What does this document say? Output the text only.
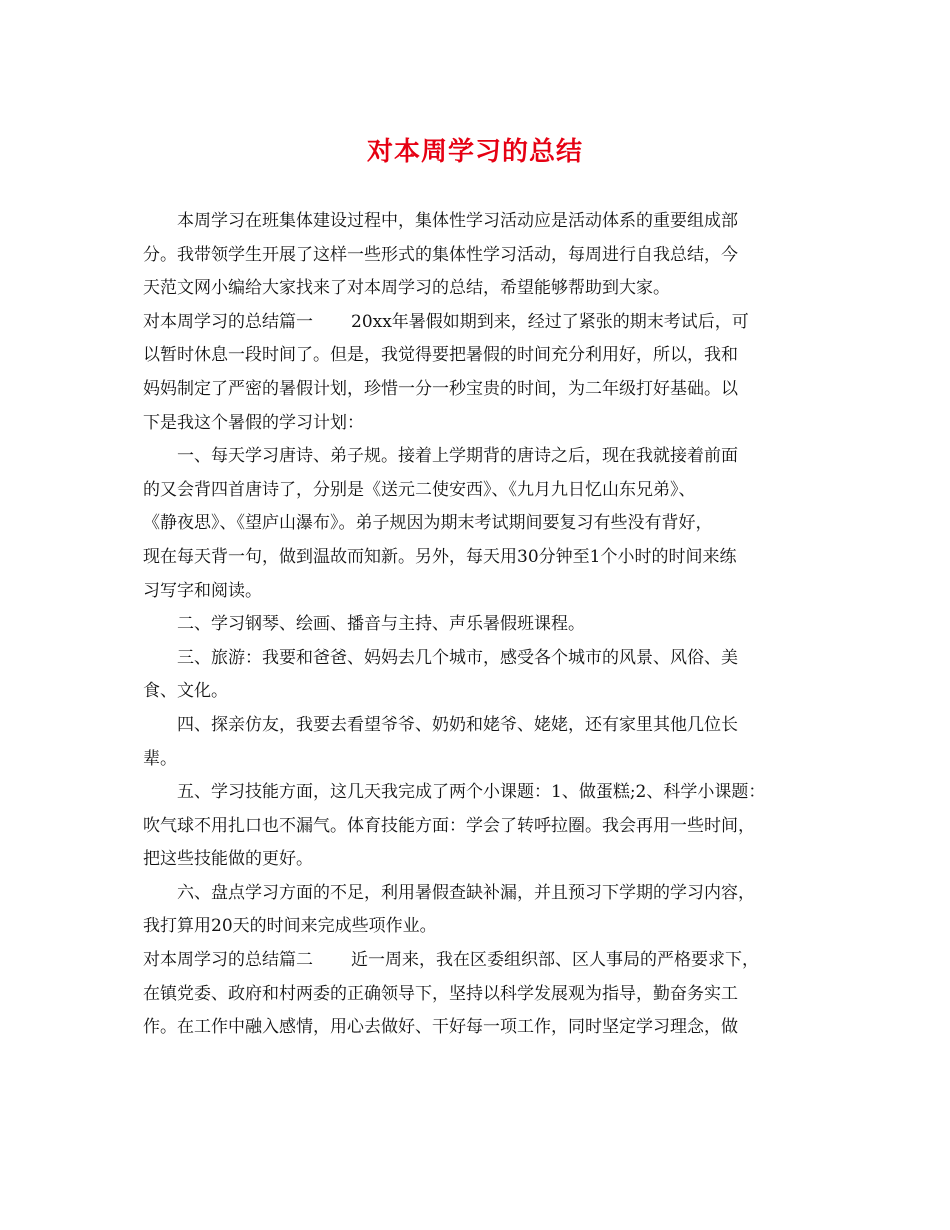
对本周学习的总结

本周学习在班集体建设过程中，集体性学习活动应是活动体系的重要组成部

分。我带领学生开展了这样一些形式的集体性学习活动，每周进行自我总结，今

天范文网小编给大家找来了对本周学习的总结，希望能够帮助到大家。

对本周学习的总结篇一 20xx年暑假如期到来，经过了紧张的期末考试后，可

以暂时休息一段时间了。但是，我觉得要把暑假的时间充分利用好，所以，我和

妈妈制定了严密的暑假计划，珍惜一分一秒宝贵的时间，为二年级打好基础。以

下是我这个暑假的学习计划：

一、每天学习唐诗、弟子规。接着上学期背的唐诗之后，现在我就接着前面

的又会背四首唐诗了，分别是《送元二使安西》、《九月九日忆山东兄弟》、

《静夜思》、《望庐山瀑布》。弟子规因为期末考试期间要复习有些没有背好，

现在每天背一句，做到温故而知新。另外，每天用30分钟至1个小时的时间来练

习写字和阅读。

二、学习钢琴、绘画、播音与主持、声乐暑假班课程。

三、旅游：我要和爸爸、妈妈去几个城市，感受各个城市的风景、风俗、美

食、文化。

四、探亲仿友，我要去看望爷爷、奶奶和姥爷、姥姥，还有家里其他几位长

辈。

五、学习技能方面，这几天我完成了两个小课题：1、做蛋糕;2、科学小课题：

吹气球不用扎口也不漏气。体育技能方面：学会了转呼拉圈。我会再用一些时间，

把这些技能做的更好。

六、盘点学习方面的不足，利用暑假查缺补漏，并且预习下学期的学习内容，

我打算用20天的时间来完成些项作业。

对本周学习的总结篇二 近一周来，我在区委组织部、区人事局的严格要求下，

在镇党委、政府和村两委的正确领导下，坚持以科学发展观为指导，勤奋务实工

作。在工作中融入感情，用心去做好、干好每一项工作，同时坚定学习理念，做
